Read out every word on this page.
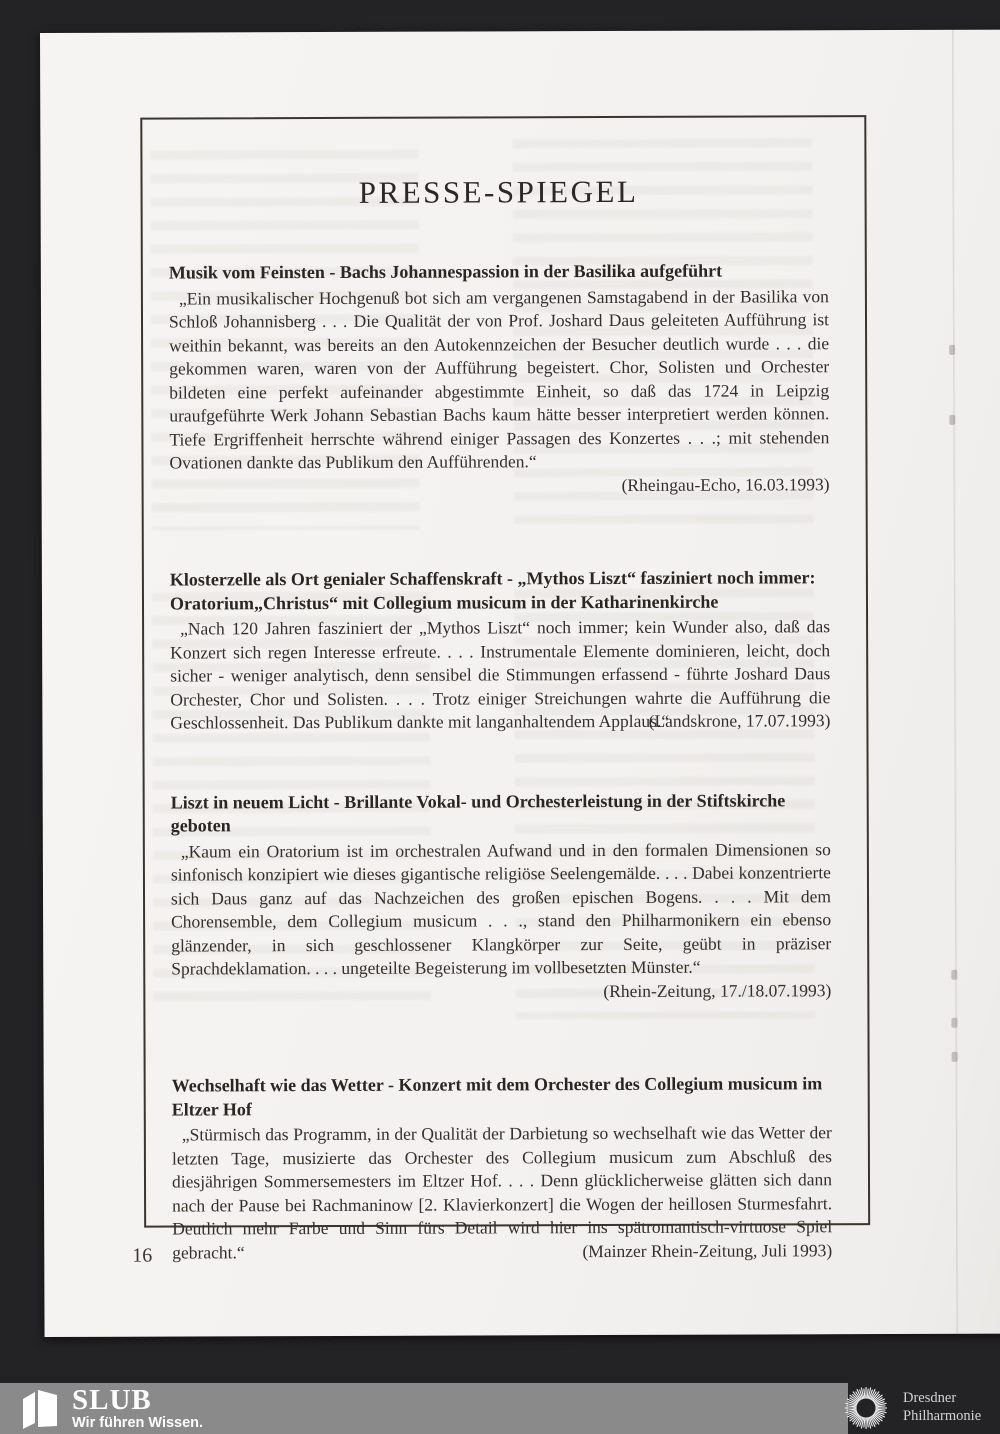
PRESSE-SPIEGEL
Musik vom Feinsten - Bachs Johannespassion in der Basilika aufgeführt

„Ein musikalischer Hochgenuß bot sich am vergangenen Samstagabend in der Basilika von Schloß Johannisberg . . . Die Qualität der von Prof. Joshard Daus geleiteten Aufführung ist weithin bekannt, was bereits an den Autokennzeichen der Besucher deutlich wurde . . . die gekommen waren, waren von der Aufführung begeistert. Chor, Solisten und Orchester bildeten eine perfekt aufeinander abgestimmte Einheit, so daß das 1724 in Leipzig uraufgeführte Werk Johann Sebastian Bachs kaum hätte besser interpretiert werden können. Tiefe Ergriffenheit herrschte während einiger Passagen des Konzertes . . .; mit stehenden Ovationen dankte das Publikum den Aufführenden.“

(Rheingau-Echo, 16.03.1993)
Klosterzelle als Ort genialer Schaffenskraft - „Mythos Liszt“ fasziniert noch immer: Oratorium„Christus“ mit Collegium musicum in der Katharinenkirche

„Nach 120 Jahren fasziniert der „Mythos Liszt“ noch immer; kein Wunder also, daß das Konzert sich regen Interesse erfreute. . . . Instrumentale Elemente dominieren, leicht, doch sicher - weniger analytisch, denn sensibel die Stimmungen erfassend - führte Joshard Daus Orchester, Chor und Solisten. . . . Trotz einiger Streichungen wahrte die Aufführung die Geschlossenheit. Das Publikum dankte mit langanhaltendem Applaus.“

(Landskrone, 17.07.1993)
Liszt in neuem Licht - Brillante Vokal- und Orchesterleistung in der Stiftskirche geboten

„Kaum ein Oratorium ist im orchestralen Aufwand und in den formalen Dimensionen so sinfonisch konzipiert wie dieses gigantische religiöse Seelengemälde. . . . Dabei konzentrierte sich Daus ganz auf das Nachzeichen des großen epischen Bogens. . . . Mit dem Chorensemble, dem Collegium musicum . . ., stand den Philharmonikern ein ebenso glänzender, in sich geschlossener Klangkörper zur Seite, geübt in präziser Sprachdeklamation. . . . ungeteilte Begeisterung im vollbesetzten Münster.“

(Rhein-Zeitung, 17./18.07.1993)
Wechselhaft wie das Wetter - Konzert mit dem Orchester des Collegium musicum im Eltzer Hof

„Stürmisch das Programm, in der Qualität der Darbietung so wechselhaft wie das Wetter der letzten Tage, musizierte das Orchester des Collegium musicum zum Abschluß des diesjährigen Sommersemesters im Eltzer Hof. . . . Denn glücklicherweise glätten sich dann nach der Pause bei Rachmaninow [2. Klavierkonzert] die Wogen der heillosen Sturmesfahrt. Deutlich mehr Farbe und Sinn fürs Detail wird hier ins spätromantisch-virtuose Spiel gebracht.“	(Mainzer Rhein-Zeitung, Juli 1993)
16
SLUB
Wir führen Wissen.
Dresdner
Philharmonie
